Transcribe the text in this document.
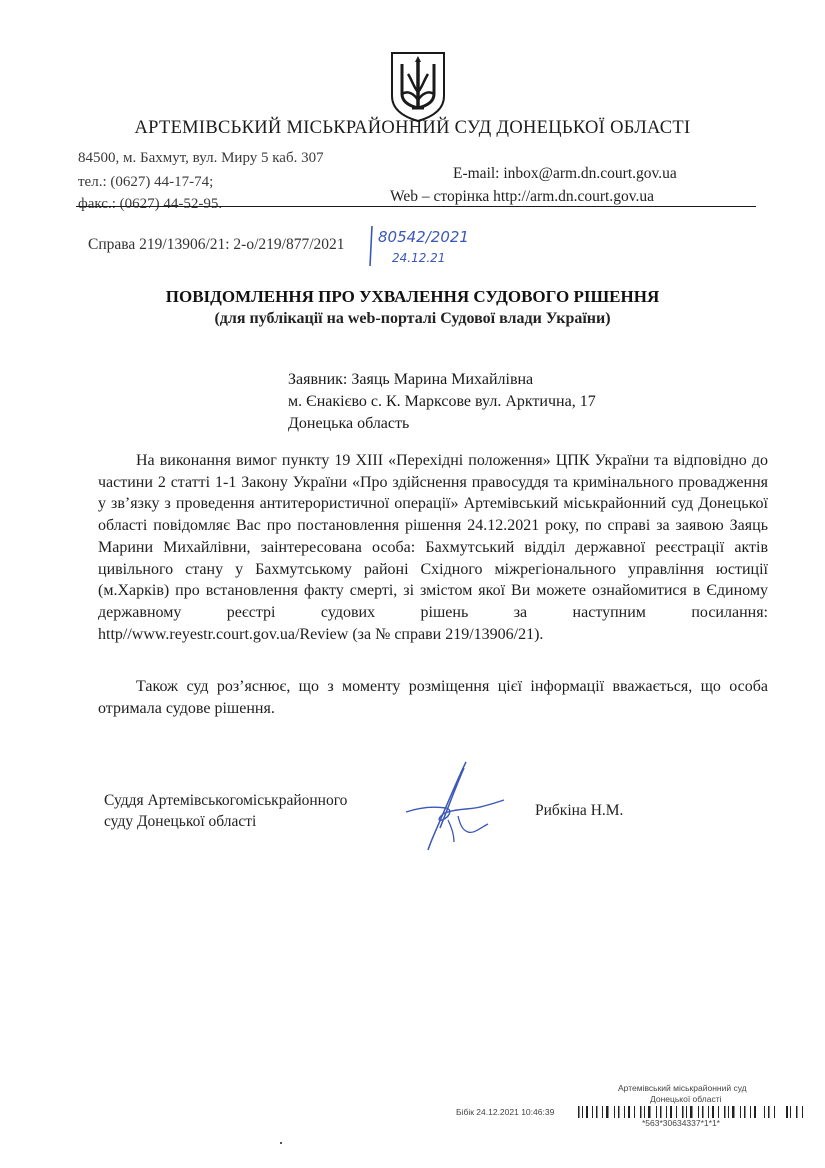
АРТЕМІВСЬКИЙ МІСЬКРАЙОННИЙ СУД ДОНЕЦЬКОЇ ОБЛАСТІ
84500, м. Бахмут, вул. Миру 5 каб. 307
тел.: (0627) 44-17-74;
факс.: (0627) 44-52-95.
E-mail: inbox@arm.dn.court.gov.ua
Web – сторінка http://arm.dn.court.gov.ua
Справа 219/13906/21: 2-о/219/877/2021 80542/2021
24.12.21
ПОВІДОМЛЕННЯ ПРО УХВАЛЕННЯ СУДОВОГО РІШЕННЯ
(для публікації на web-порталі Судової влади України)
Заявник: Заяць Марина Михайлівна
м. Єнакієво с. К. Марксове вул. Арктична, 17
Донецька область

На виконання вимог пункту 19 XIII «Перехідні положення» ЦПК України та відповідно до частини 2 статті 1-1 Закону України «Про здійснення правосуддя та кримінального провадження у зв’язку з проведення антитерористичної операції» Артемівський міськрайонний суд Донецької області повідомляє Вас про постановлення рішення 24.12.2021 року, по справі за заявою Заяць Марини Михайлівни, заінтересована особа: Бахмутський відділ державної реєстрації актів цивільного стану у Бахмутському районі Східного міжрегіонального управління юстиції (м.Харків) про встановлення факту смерті, зі змістом якої Ви можете ознайомитися в Єдиному державному реєстрі судових рішень за наступним посилання: http//www.reyestr.court.gov.ua/Review (за № справи 219/13906/21).

Також суд роз’яснює, що з моменту розміщення цієї інформації вважається, що особа отримала судове рішення.

Суддя Артемівськогоміськрайонного
суду Донецької області
Рибкіна Н.М.
Артемівський міськрайонний суд
Донецької області
Бібік 24.12.2021 10:46:39
*563*30634337*1*1*
